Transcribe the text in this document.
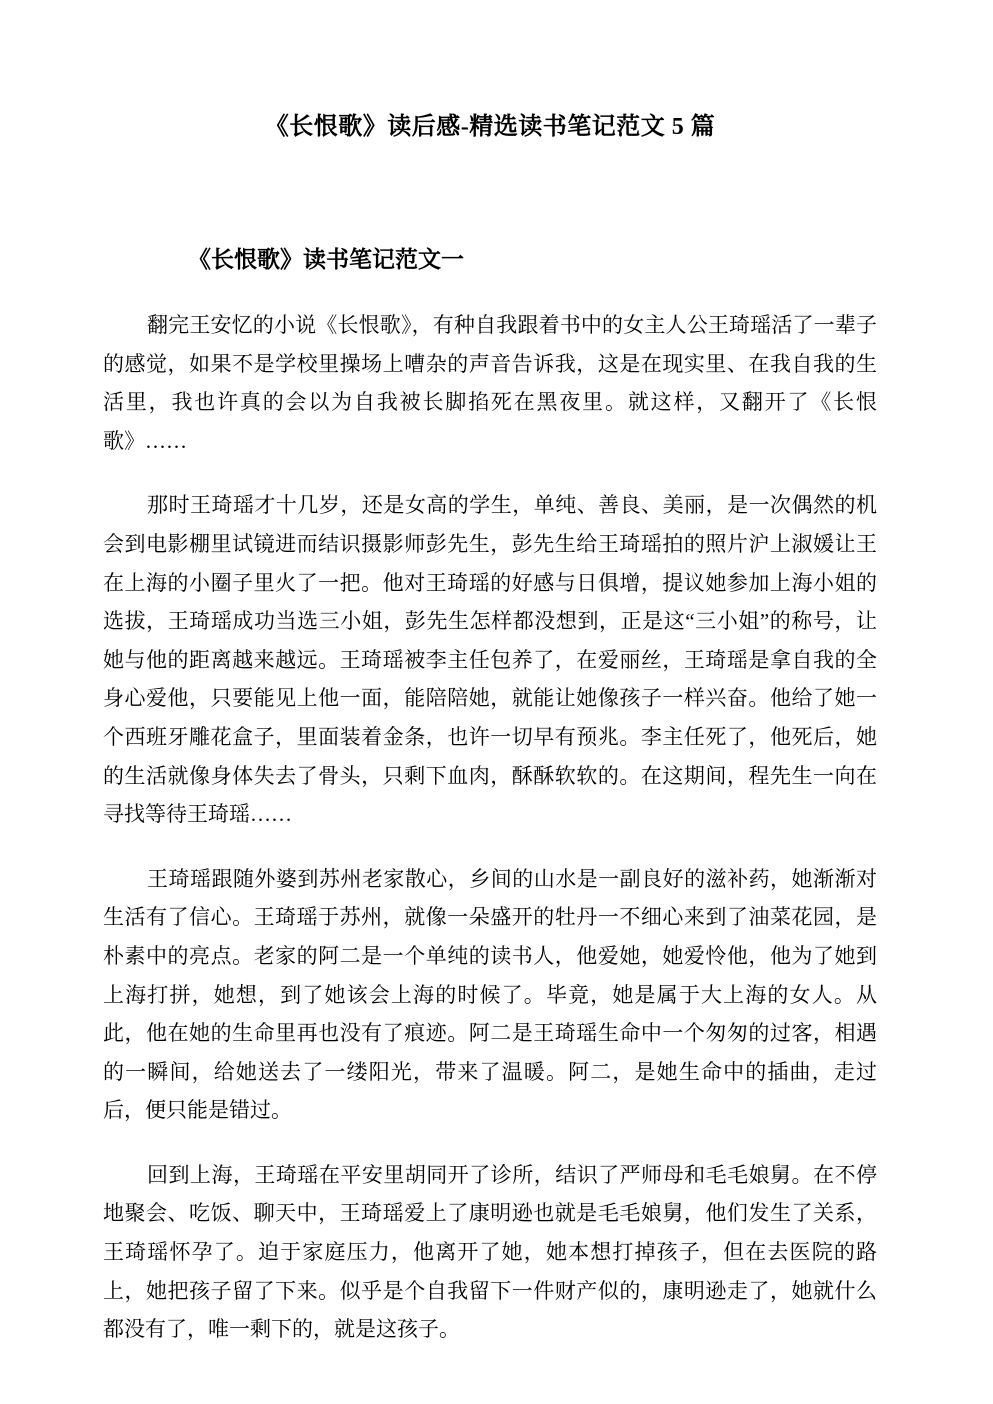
《长恨歌》读后感-精选读书笔记范文 5 篇
《长恨歌》读书笔记范文一

翻完王安忆的小说《长恨歌》，有种自我跟着书中的女主人公王琦瑶活了一辈子的感觉，如果不是学校里操场上嘈杂的声音告诉我，这是在现实里、在我自我的生活里，我也许真的会以为自我被长脚掐死在黑夜里。就这样，又翻开了《长恨歌》……

那时王琦瑶才十几岁，还是女高的学生，单纯、善良、美丽，是一次偶然的机会到电影棚里试镜进而结识摄影师彭先生，彭先生给王琦瑶拍的照片沪上淑媛让王在上海的小圈子里火了一把。他对王琦瑶的好感与日俱增，提议她参加上海小姐的选拔，王琦瑶成功当选三小姐，彭先生怎样都没想到，正是这“三小姐”的称号，让她与他的距离越来越远。王琦瑶被李主任包养了，在爱丽丝，王琦瑶是拿自我的全身心爱他，只要能见上他一面，能陪陪她，就能让她像孩子一样兴奋。他给了她一个西班牙雕花盒子，里面装着金条，也许一切早有预兆。李主任死了，他死后，她的生活就像身体失去了骨头，只剩下血肉，酥酥软软的。在这期间，程先生一向在寻找等待王琦瑶……

王琦瑶跟随外婆到苏州老家散心，乡间的山水是一副良好的滋补药，她渐渐对生活有了信心。王琦瑶于苏州，就像一朵盛开的牡丹一不细心来到了油菜花园，是朴素中的亮点。老家的阿二是一个单纯的读书人，他爱她，她爱怜他，他为了她到上海打拼，她想，到了她该会上海的时候了。毕竟，她是属于大上海的女人。从此，他在她的生命里再也没有了痕迹。阿二是王琦瑶生命中一个匆匆的过客，相遇的一瞬间，给她送去了一缕阳光，带来了温暖。阿二，是她生命中的插曲，走过后，便只能是错过。

回到上海，王琦瑶在平安里胡同开了诊所，结识了严师母和毛毛娘舅。在不停地聚会、吃饭、聊天中，王琦瑶爱上了康明逊也就是毛毛娘舅，他们发生了关系，王琦瑶怀孕了。迫于家庭压力，他离开了她，她本想打掉孩子，但在去医院的路上，她把孩子留了下来。似乎是个自我留下一件财产似的，康明逊走了，她就什么都没有了，唯一剩下的，就是这孩子。
